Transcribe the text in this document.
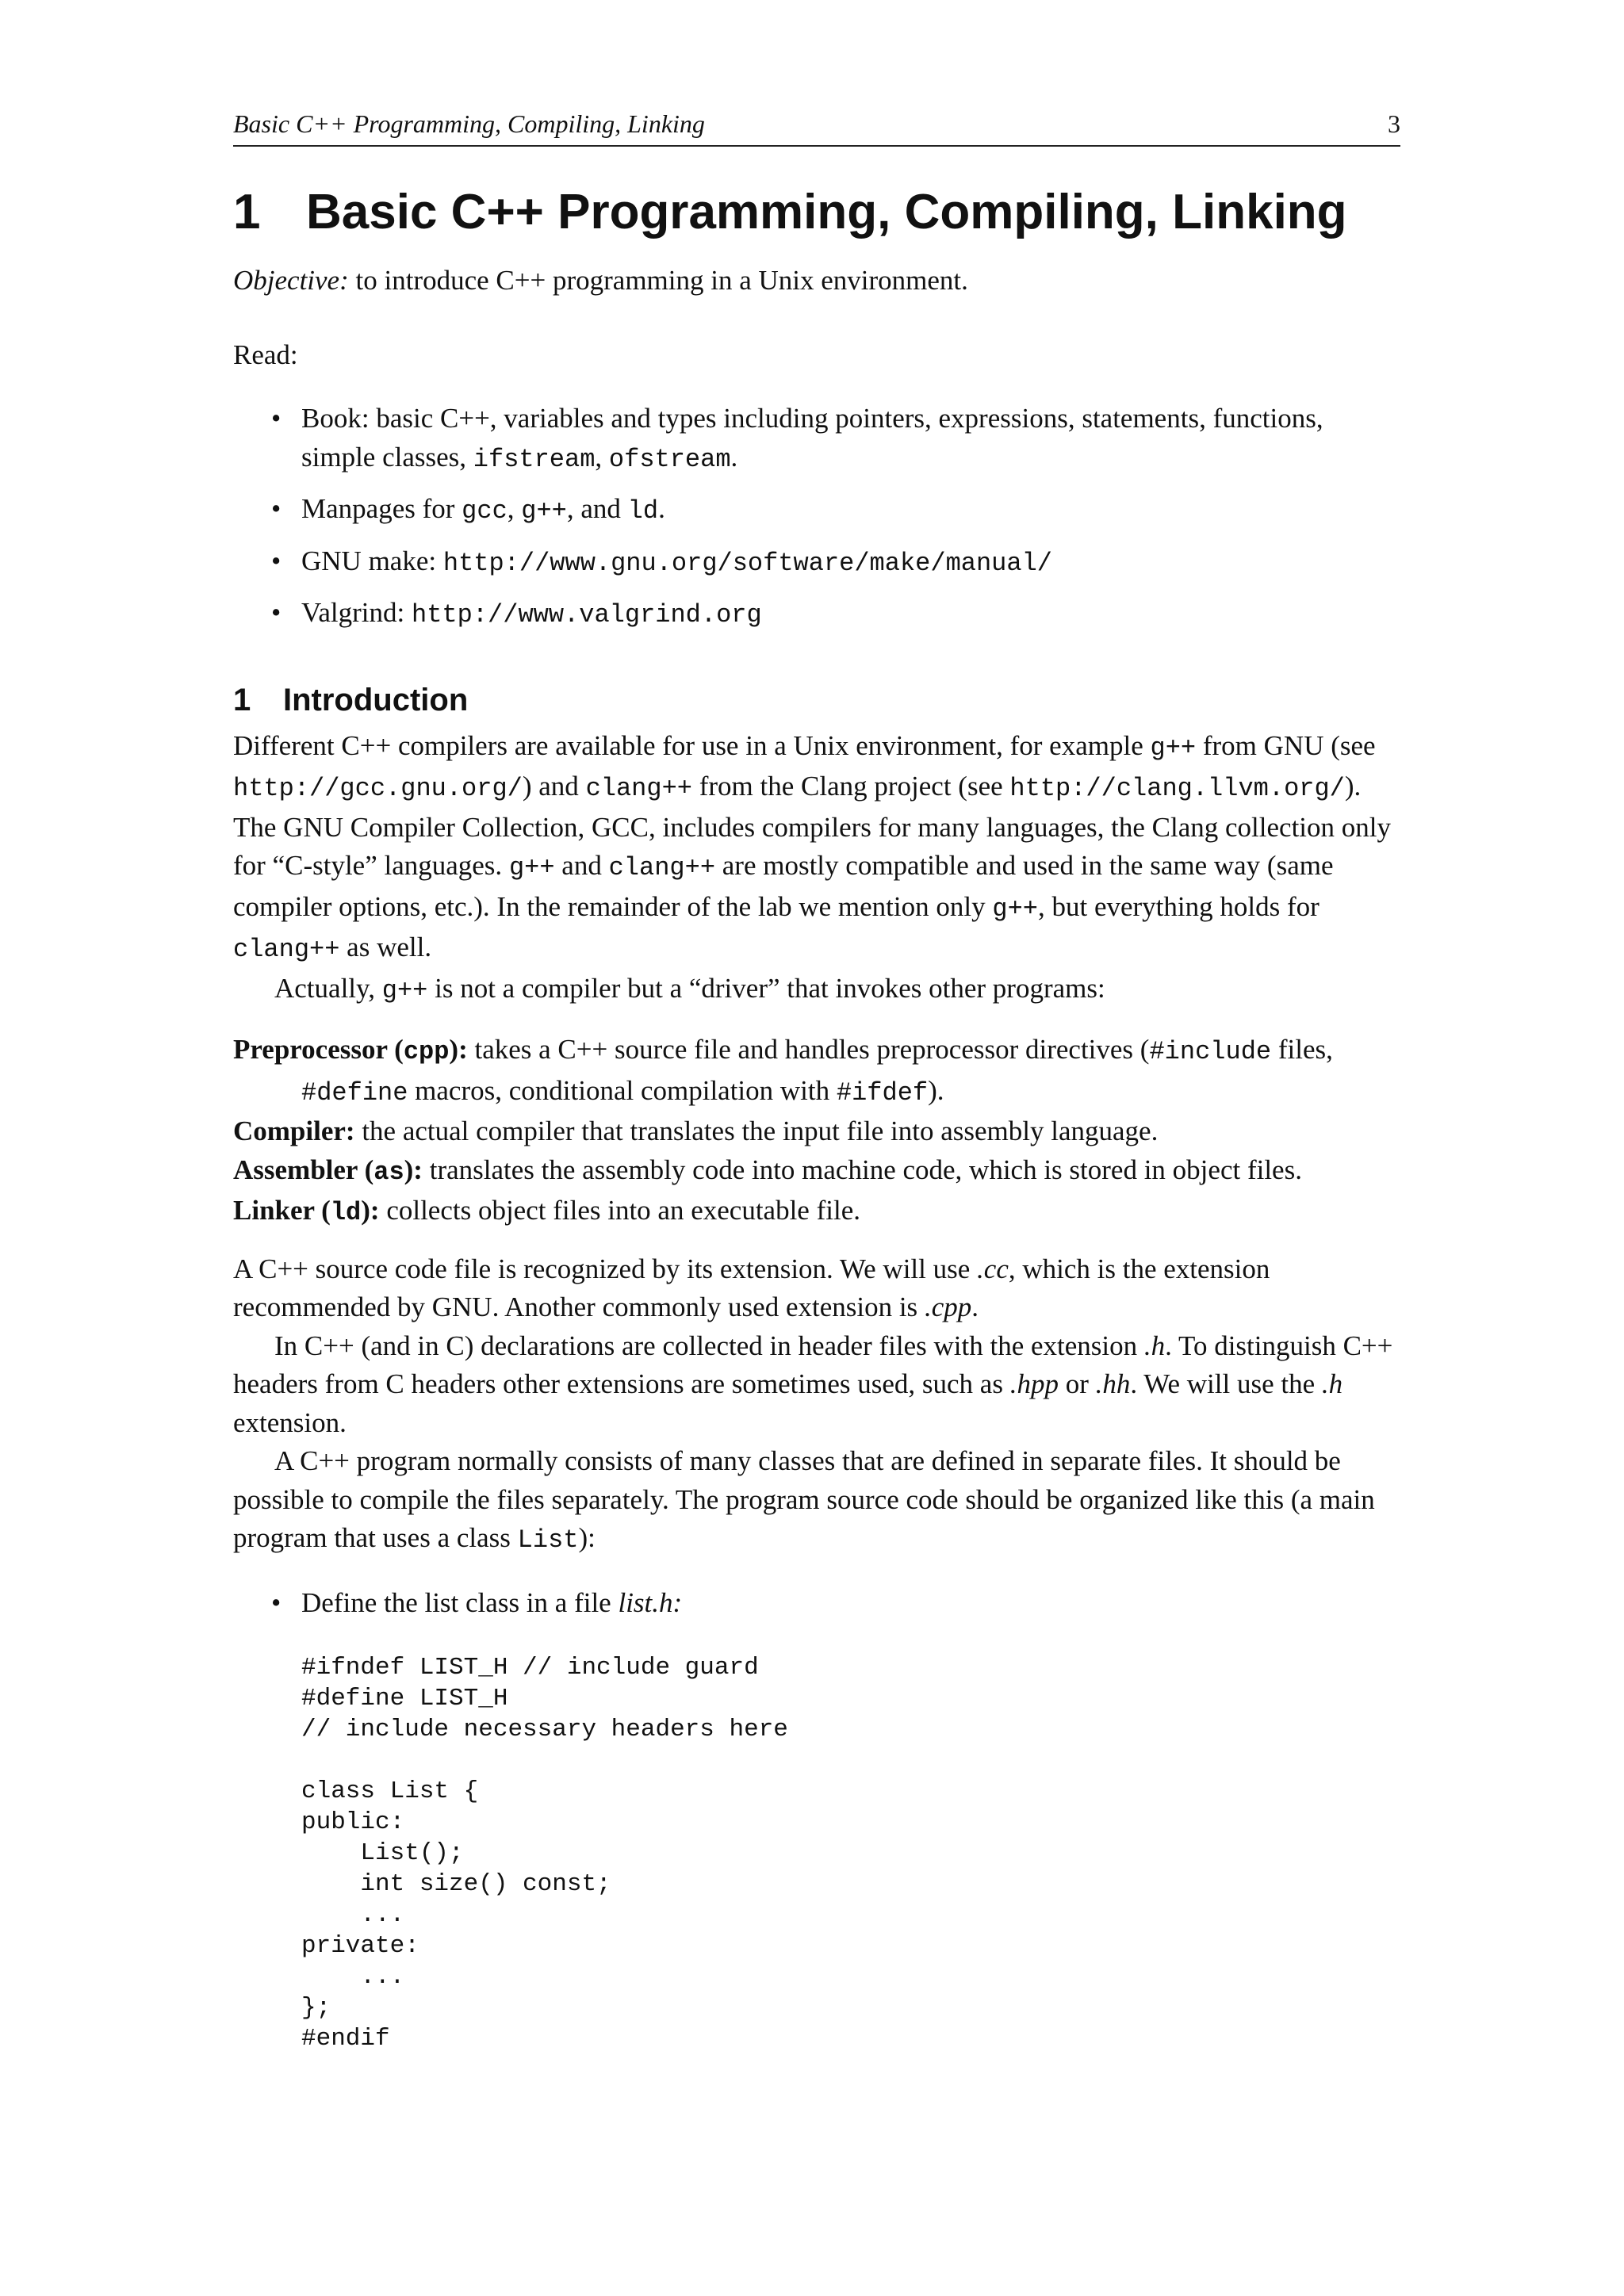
Basic C++ Programming, Compiling, Linking	3
1 Basic C++ Programming, Compiling, Linking

Objective: to introduce C++ programming in a Unix environment.

Read:

• Book: basic C++, variables and types including pointers, expressions, statements, functions, simple classes, ifstream, ofstream.
• Manpages for gcc, g++, and ld.
• GNU make: http://www.gnu.org/software/make/manual/
• Valgrind: http://www.valgrind.org
1 Introduction

Different C++ compilers are available for use in a Unix environment, for example g++ from GNU (see http://gcc.gnu.org/) and clang++ from the Clang project (see http://clang.llvm.org/). The GNU Compiler Collection, GCC, includes compilers for many languages, the Clang collection only for “C-style” languages. g++ and clang++ are mostly compatible and used in the same way (same compiler options, etc.). In the remainder of the lab we mention only g++, but everything holds for clang++ as well.

Actually, g++ is not a compiler but a “driver” that invokes other programs:

Preprocessor (cpp): takes a C++ source file and handles preprocessor directives (#include files, #define macros, conditional compilation with #ifdef).

Compiler: the actual compiler that translates the input file into assembly language.

Assembler (as): translates the assembly code into machine code, which is stored in object files.

Linker (ld): collects object files into an executable file.

A C++ source code file is recognized by its extension. We will use .cc, which is the extension recommended by GNU. Another commonly used extension is .cpp.

In C++ (and in C) declarations are collected in header files with the extension .h. To distinguish C++ headers from C headers other extensions are sometimes used, such as .hpp or .hh. We will use the .h extension.

A C++ program normally consists of many classes that are defined in separate files. It should be possible to compile the files separately. The program source code should be organized like this (a main program that uses a class List):

• Define the list class in a file list.h:
#ifndef LIST_H // include guard
#define LIST_H
// include necessary headers here

class List {
public:
List();
int size() const;
...
private:
...
};
#endif
